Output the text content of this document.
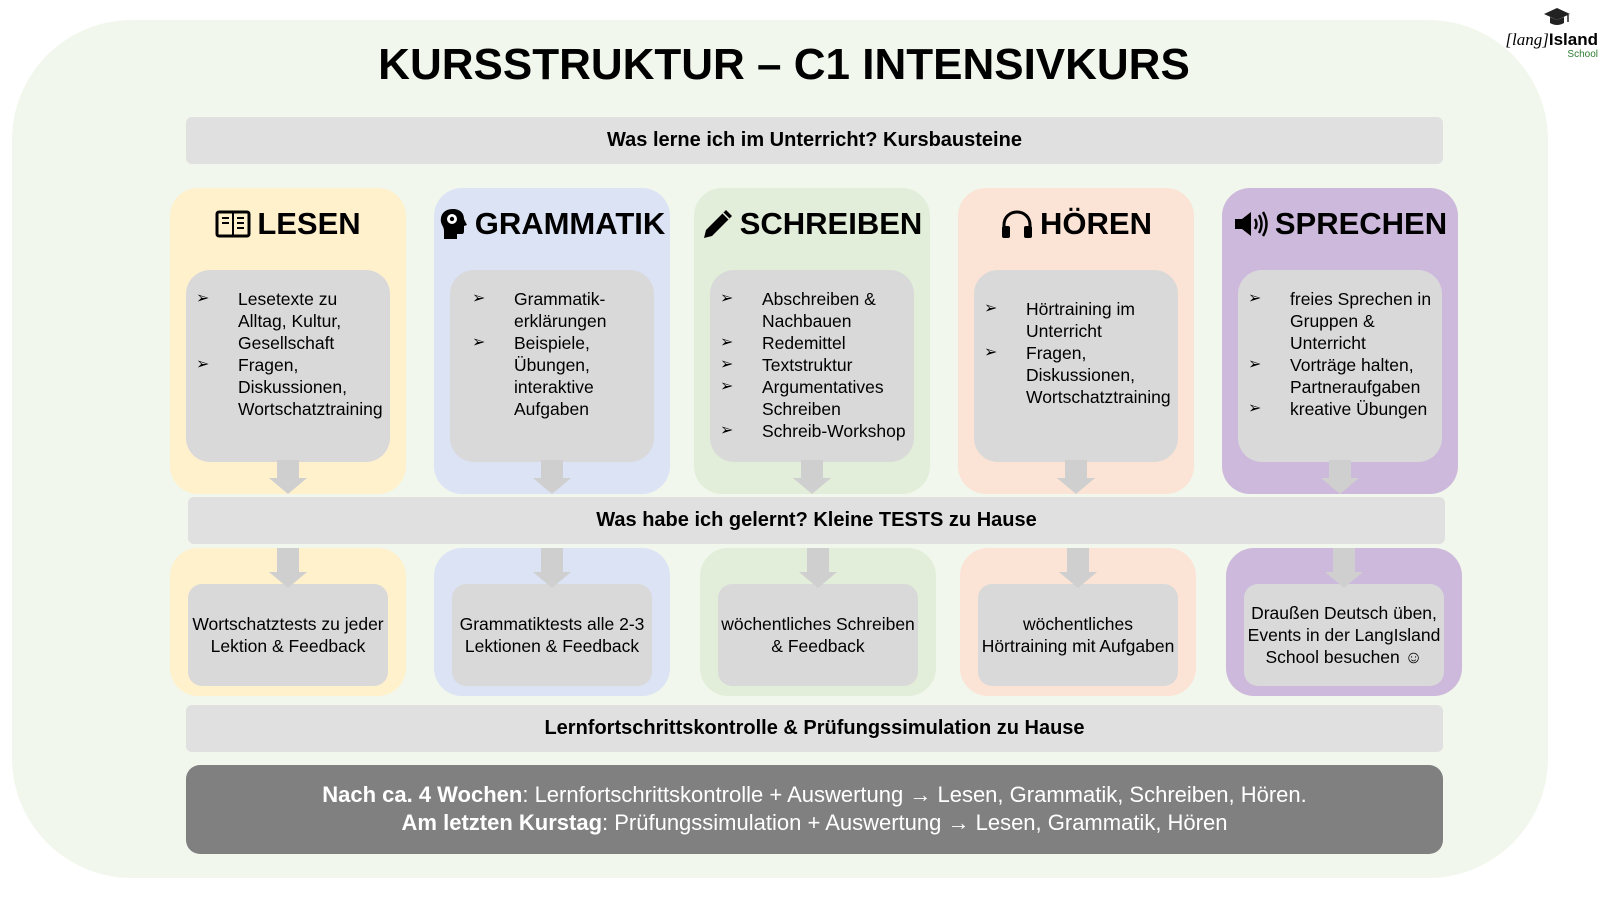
[lang]Island
School
KURSSTRUKTUR – C1 INTENSIVKURS
Was lerne ich im Unterricht? Kursbausteine
LESEN
➢ Lesetexte zu Alltag, Kultur, Gesellschaft
➢ Fragen, Diskussionen, Wortschatztraining
GRAMMATIK
➢ Grammatik-erklärungen
➢ Beispiele, Übungen, interaktive Aufgaben
SCHREIBEN
➢ Abschreiben & Nachbauen
➢ Redemittel
➢ Textstruktur
➢ Argumentatives Schreiben
➢ Schreib-Workshop
HÖREN
➢ Hörtraining im Unterricht
➢ Fragen, Diskussionen, Wortschatztraining
SPRECHEN
➢ freies Sprechen in Gruppen & Unterricht
➢ Vorträge halten, Partneraufgaben
➢ kreative Übungen
Was habe ich gelernt? Kleine TESTS zu Hause
Wortschatztests zu jeder Lektion & Feedback
Grammatiktests alle 2-3 Lektionen & Feedback
wöchentliches Schreiben & Feedback
wöchentliches Hörtraining mit Aufgaben
Draußen Deutsch üben, Events in der LangIsland School besuchen ☺
Lernfortschrittskontrolle & Prüfungssimulation zu Hause
Nach ca. 4 Wochen: Lernfortschrittskontrolle + Auswertung → Lesen, Grammatik, Schreiben, Hören.
Am letzten Kurstag: Prüfungssimulation + Auswertung → Lesen, Grammatik, Hören
